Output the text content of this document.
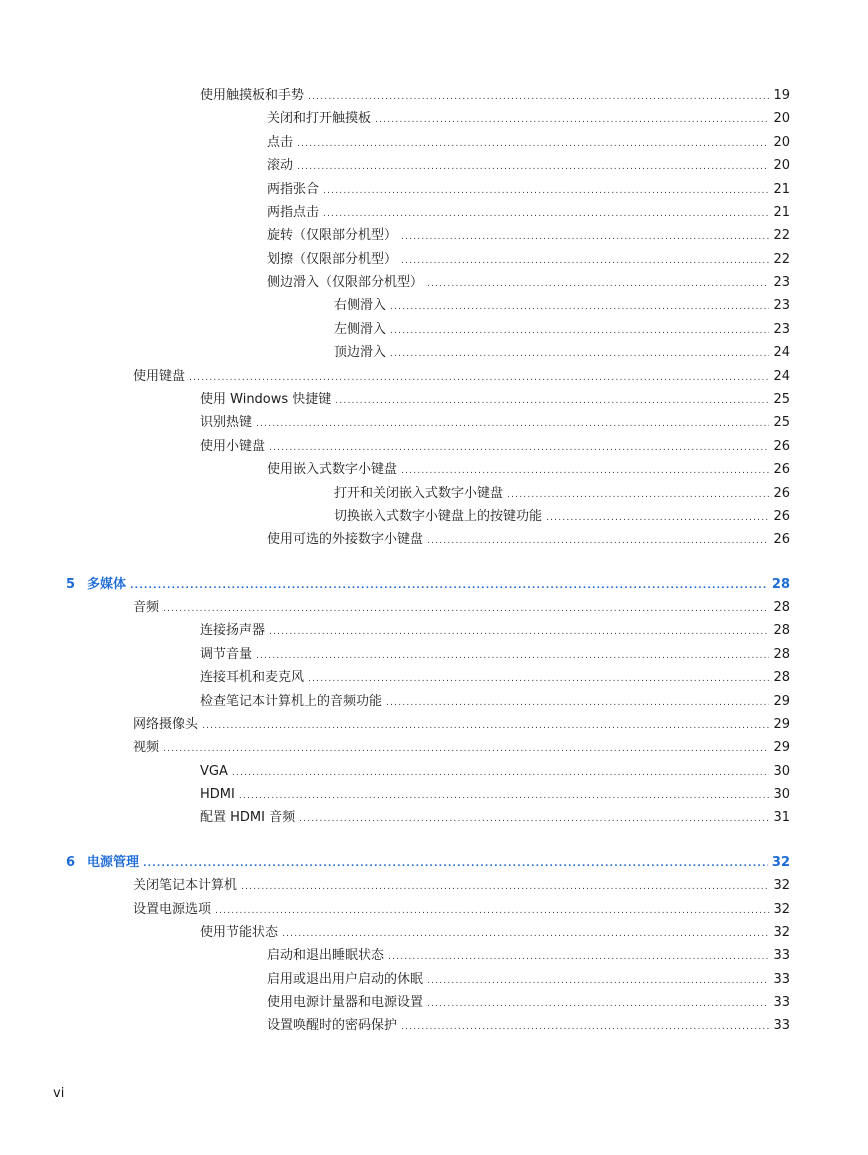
使用触摸板和手势 .....	19
关闭和打开触摸板 .....	20
点击 .....	20
滚动 .....	20
两指张合 .....	21
两指点击 .....	21
旋转（仅限部分机型） .....	22
划擦（仅限部分机型） .....	22
侧边滑入（仅限部分机型） .....	23
右侧滑入 .....	23
左侧滑入 .....	23
顶边滑入 .....	24
使用键盘 .....	24
使用 Windows 快捷键 .....	25
识别热键 .....	25
使用小键盘 .....	26
使用嵌入式数字小键盘 .....	26
打开和关闭嵌入式数字小键盘 .....	26
切换嵌入式数字小键盘上的按键功能 .....	26
使用可选的外接数字小键盘 .....	26
5 多媒体 .....	28
音频 .....	28
连接扬声器 .....	28
调节音量 .....	28
连接耳机和麦克风 .....	28
检查笔记本计算机上的音频功能 .....	29
网络摄像头 .....	29
视频 .....	29
VGA .....	30
HDMI .....	30
配置 HDMI 音频 .....	31
6 电源管理 .....	32
关闭笔记本计算机 .....	32
设置电源选项 .....	32
使用节能状态 .....	32
启动和退出睡眠状态 .....	33
启用或退出用户启动的休眠 .....	33
使用电源计量器和电源设置 .....	33
设置唤醒时的密码保护 .....	33
vi
